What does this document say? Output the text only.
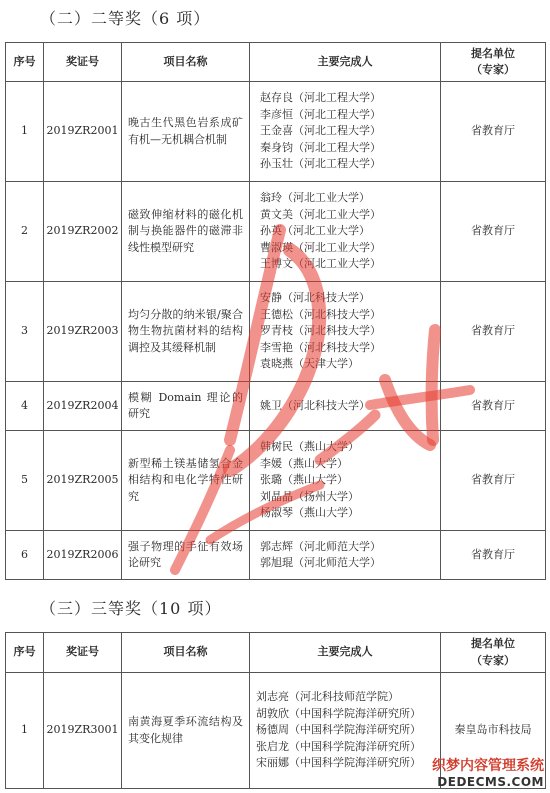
（二）二等奖（6 项）
序号	奖证号	项目名称	主要完成人	提名单位
（专家）

1	2019ZR2001	晚古生代黑色岩系成矿有机—无机耦合机制	赵存良（河北工程大学）
李彦恒（河北工程大学）
王金喜（河北工程大学）
秦身钧（河北工程大学）
孙玉壮（河北工程大学）	省教育厅
2	2019ZR2002	磁致伸缩材料的磁化机制与换能器件的磁滞非线性模型研究	翁玲（河北工业大学）
黄文美（河北工业大学）
孙英（河北工业大学）
曹淑瑛（河北工业大学）
王博文（河北工业大学）	省教育厅
3	2019ZR2003	均匀分散的纳米银/聚合物生物抗菌材料的结构调控及其缓释机制	安静（河北科技大学）
王德松（河北科技大学）
罗青枝（河北科技大学）
李雪艳（河北科技大学）
袁晓燕（天津大学）	省教育厅
4	2019ZR2004	模糊 Domain 理论的研究	姚卫（河北科技大学）	省教育厅
5	2019ZR2005	新型稀土镁基储氢合金相结构和电化学特性研究	韩树民（燕山大学）
李媛（燕山大学）
张璐（燕山大学）
刘晶晶（扬州大学）
杨淑琴（燕山大学）	省教育厅
6	2019ZR2006	强子物理的手征有效场论研究	郭志辉（河北师范大学）
郭旭琨（河北师范大学）	省教育厅
（三）三等奖（10 项）
序号	奖证号	项目名称	主要完成人	提名单位
（专家）

1	2019ZR3001	南黄海夏季环流结构及其变化规律	刘志亮（河北科技师范学院）
胡敦欣（中国科学院海洋研究所）
杨德周（中国科学院海洋研究所）
张启龙（中国科学院海洋研究所）
宋丽娜（中国科学院海洋研究所）	秦皇岛市科技局
织梦内容管理系统
DEDECMS.COM
